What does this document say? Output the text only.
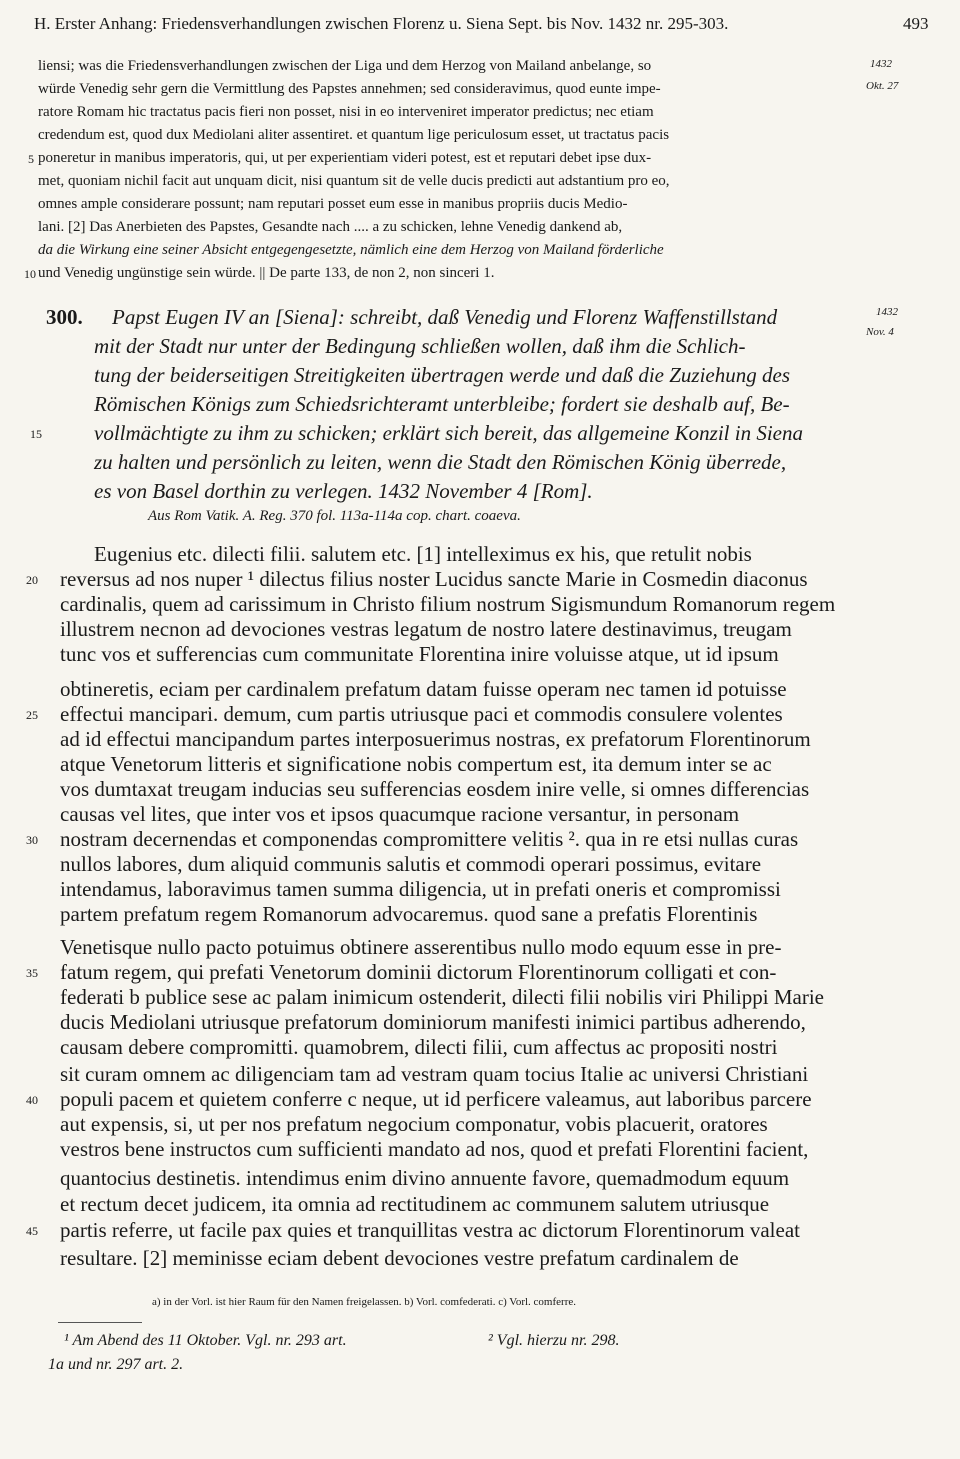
H. Erster Anhang: Friedensverhandlungen zwischen Florenz u. Siena Sept. bis Nov. 1432 nr. 295-303.	493
1432
Okt. 27
liensi; was die Friedensverhandlungen zwischen der Liga und dem Herzog von Mailand anbelange, so
würde Venedig sehr gern die Vermittlung des Papstes annehmen; sed consideravimus, quod eunte impe-
ratore Romam hic tractatus pacis fieri non posset, nisi in eo interveniret imperator predictus; nec etiam
credendum est, quod dux Mediolani aliter assentiret. et quantum lige periculosum esset, ut tractatus pacis
poneretur in manibus imperatoris, qui, ut per experientiam videri potest, est et reputari debet ipse dux-
met, quoniam nichil facit aut unquam dicit, nisi quantum sit de velle ducis predicti aut adstantium pro eo,
omnes ample considerare possunt; nam reputari posset eum esse in manibus propriis ducis Medio-
lani. [2] Das Anerbieten des Papstes, Gesandte nach .... a zu schicken, lehne Venedig dankend ab,
da die Wirkung eine seiner Absicht entgegengesetzte, nämlich eine dem Herzog von Mailand förderliche
und Venedig ungünstige sein würde. || De parte 133, de non 2, non sinceri 1.
5
10
300. Papst Eugen IV an [Siena]: schreibt, daß Venedig und Florenz Waffenstillstand
mit der Stadt nur unter der Bedingung schließen wollen, daß ihm die Schlich-
tung der beiderseitigen Streitigkeiten übertragen werde und daß die Zuziehung des
Römischen Königs zum Schiedsrichteramt unterbleibe; fordert sie deshalb auf, Be-
vollmächtigte zu ihm zu schicken; erklärt sich bereit, das allgemeine Konzil in Siena
zu halten und persönlich zu leiten, wenn die Stadt den Römischen König überrede,
es von Basel dorthin zu verlegen. 1432 November 4 [Rom].
1432
Nov. 4
15
Aus Rom Vatik. A. Reg. 370 fol. 113a-114a cop. chart. coaeva.
Eugenius etc. dilecti filii. salutem etc. [1] intelleximus ex his, que retulit nobis
reversus ad nos nuper ¹ dilectus filius noster Lucidus sancte Marie in Cosmedin diaconus
cardinalis, quem ad carissimum in Christo filium nostrum Sigismundum Romanorum regem
illustrem necnon ad devociones vestras legatum de nostro latere destinavimus, treugam
tunc vos et sufferencias cum communitate Florentina inire voluisse atque, ut id ipsum
obtineretis, eciam per cardinalem prefatum datam fuisse operam nec tamen id potuisse
effectui mancipari. demum, cum partis utriusque paci et commodis consulere volentes
ad id effectui mancipandum partes interposuerimus nostras, ex prefatorum Florentinorum
atque Venetorum litteris et significatione nobis compertum est, ita demum inter se ac
vos dumtaxat treugam inducias seu sufferencias eosdem inire velle, si omnes differencias
causas vel lites, que inter vos et ipsos quacumque racione versantur, in personam
nostram decernendas et componendas compromittere velitis ². qua in re etsi nullas curas
nullos labores, dum aliquid communis salutis et commodi operari possimus, evitare
intendamus, laboravimus tamen summa diligencia, ut in prefati oneris et compromissi
partem prefatum regem Romanorum advocaremus. quod sane a prefatis Florentinis
Venetisque nullo pacto potuimus obtinere asserentibus nullo modo equum esse in pre-
fatum regem, qui prefati Venetorum dominii dictorum Florentinorum colligati et con-
federati b publice sese ac palam inimicum ostenderit, dilecti filii nobilis viri Philippi Marie
ducis Mediolani utriusque prefatorum dominiorum manifesti inimici partibus adherendo,
causam debere compromitti. quamobrem, dilecti filii, cum affectus ac propositi nostri
sit curam omnem ac diligenciam tam ad vestram quam tocius Italie ac universi Christiani
populi pacem et quietem conferre c neque, ut id perficere valeamus, aut laboribus parcere
aut expensis, si, ut per nos prefatum negocium componatur, vobis placuerit, oratores
vestros bene instructos cum sufficienti mandato ad nos, quod et prefati Florentini facient,
quantocius destinetis. intendimus enim divino annuente favore, quemadmodum equum
et rectum decet judicem, ita omnia ad rectitudinem ac communem salutem utriusque
partis referre, ut facile pax quies et tranquillitas vestra ac dictorum Florentinorum valeat
resultare. [2] meminisse eciam debent devociones vestre prefatum cardinalem de
20
25
30
35
40
45
a) in der Vorl. ist hier Raum für den Namen freigelassen. b) Vorl. comfederati. c) Vorl. comferre.
¹ Am Abend des 11 Oktober. Vgl. nr. 293 art.	² Vgl. hierzu nr. 298.
1a und nr. 297 art. 2.
